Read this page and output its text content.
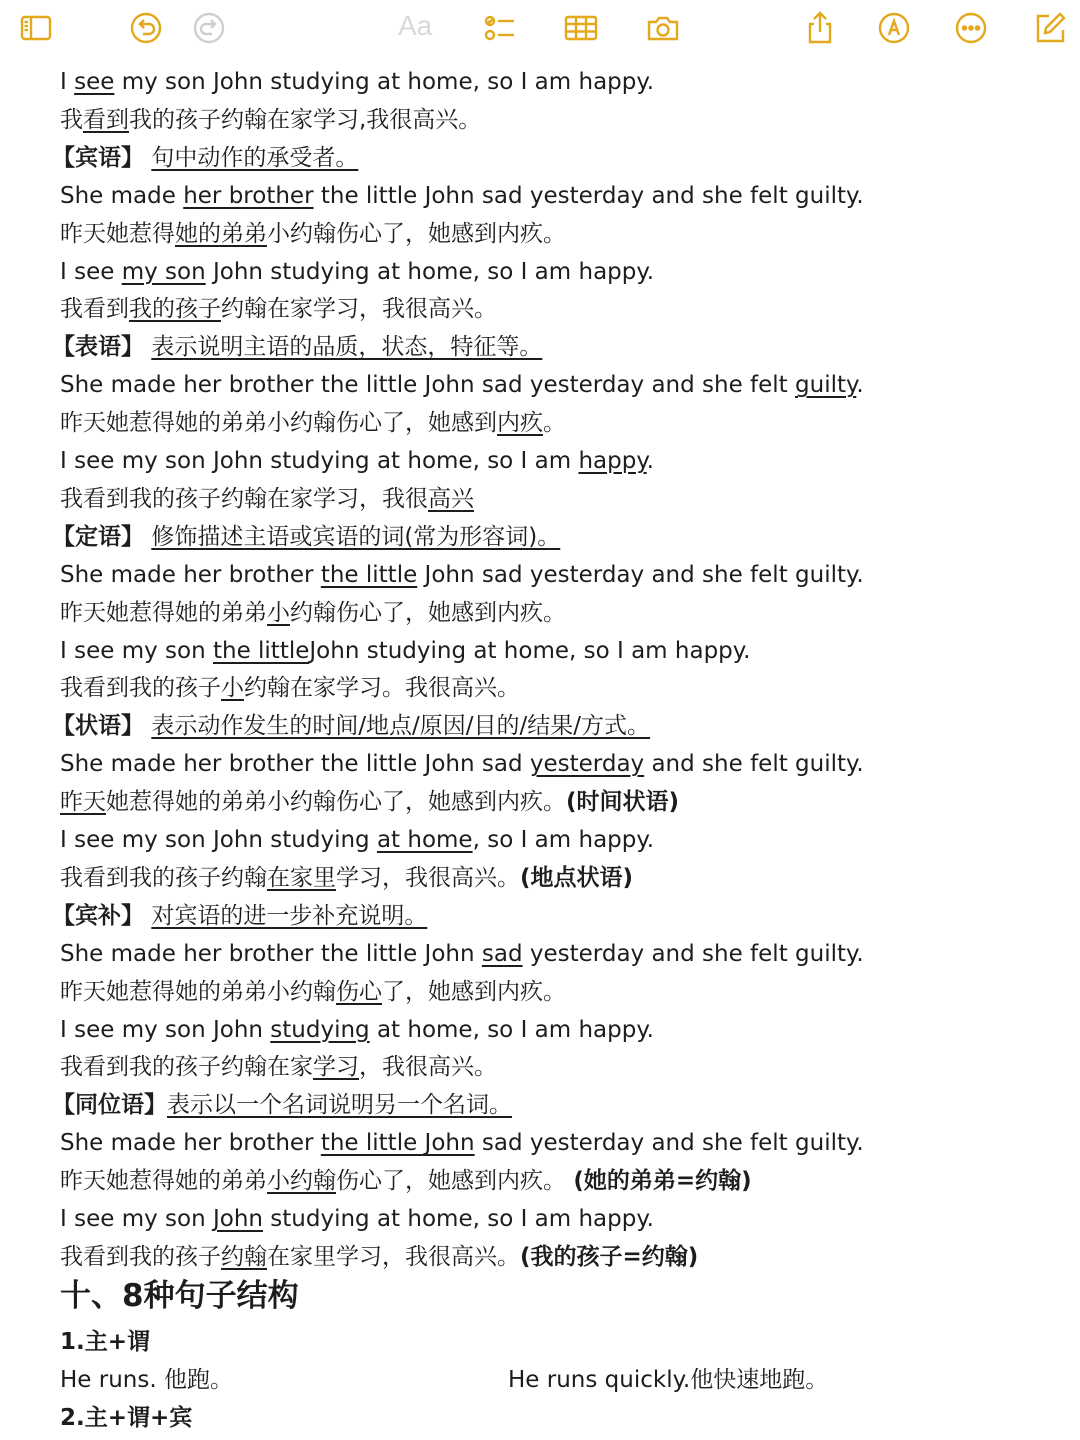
Aa
I see my son John studying at home, so I am happy.
我看到我的孩子约翰在家学习,我很高兴。
【宾语】 句中动作的承受者。
She made her brother the little John sad yesterday and she felt guilty.
昨天她惹得她的弟弟小约翰伤心了，她感到内疚。
I see my son John studying at home, so I am happy.
我看到我的孩子约翰在家学习，我很高兴。
【表语】 表示说明主语的品质，状态，特征等。
She made her brother the little John sad yesterday and she felt guilty.
昨天她惹得她的弟弟小约翰伤心了，她感到内疚。
I see my son John studying at home, so I am happy.
我看到我的孩子约翰在家学习，我很高兴
【定语】 修饰描述主语或宾语的词(常为形容词)。
She made her brother the little John sad yesterday and she felt guilty.
昨天她惹得她的弟弟小约翰伤心了，她感到内疚。
I see my son the littleJohn studying at home, so I am happy.
我看到我的孩子小约翰在家学习。我很高兴。
【状语】 表示动作发生的时间/地点/原因/目的/结果/方式。
She made her brother the little John sad yesterday and she felt guilty.
昨天她惹得她的弟弟小约翰伤心了，她感到内疚。(时间状语)
I see my son John studying at home, so I am happy.
我看到我的孩子约翰在家里学习，我很高兴。(地点状语)
【宾补】 对宾语的进一步补充说明。
She made her brother the little John sad yesterday and she felt guilty.
昨天她惹得她的弟弟小约翰伤心了，她感到内疚。
I see my son John studying at home, so I am happy.
我看到我的孩子约翰在家学习，我很高兴。
【同位语】表示以一个名词说明另一个名词。
She made her brother the little John sad yesterday and she felt guilty.
昨天她惹得她的弟弟小约翰伤心了，她感到内疚。 (她的弟弟=约翰)
I see my son John studying at home, so I am happy.
我看到我的孩子约翰在家里学习，我很高兴。(我的孩子=约翰)
十、8种句子结构
1.主+谓
He runs. 他跑。	He runs quickly.他快速地跑。
2.主+谓+宾
